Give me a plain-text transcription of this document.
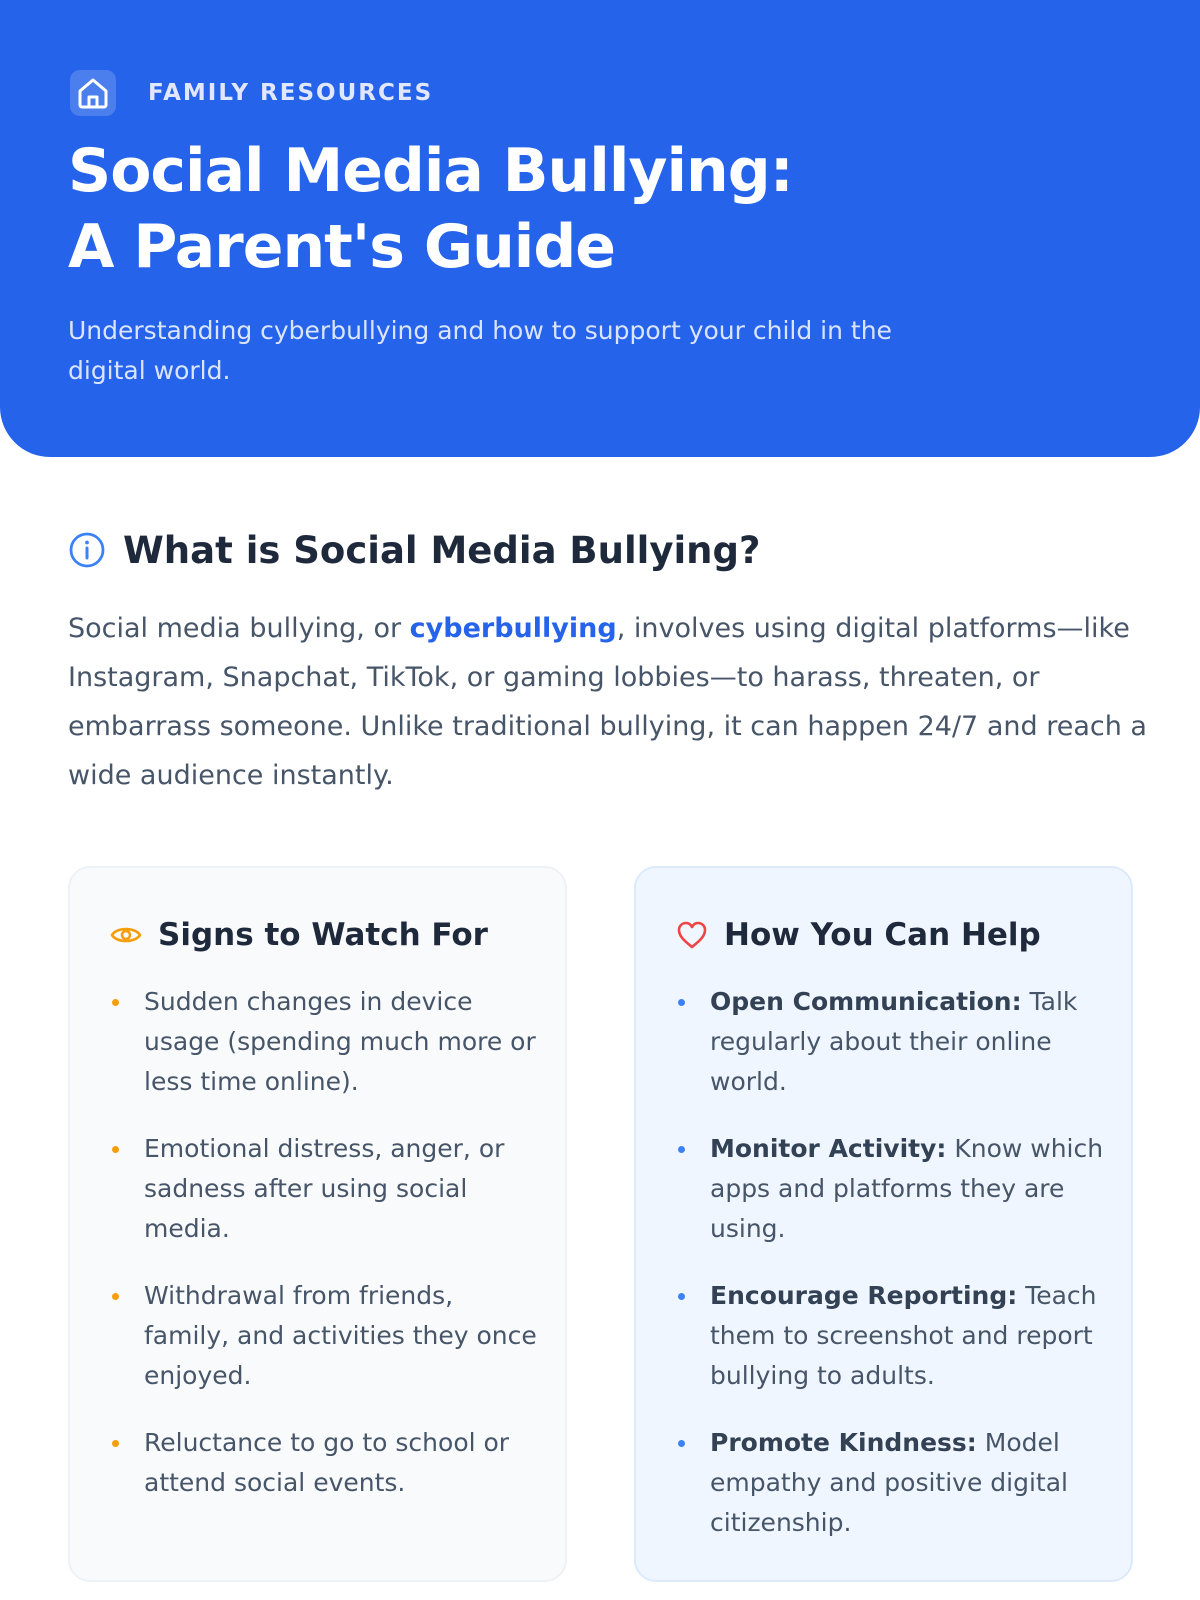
FAMILY RESOURCES
Social Media Bullying:
A Parent's Guide

Understanding cyberbullying and how to support your child in the digital world.

What is Social Media Bullying?

Social media bullying, or cyberbullying, involves using digital platforms—like Instagram, Snapchat, TikTok, or gaming lobbies—to harass, threaten, or embarrass someone. Unlike traditional bullying, it can happen 24/7 and reach a wide audience instantly.

Signs to Watch For
Sudden changes in device usage (spending much more or less time online).
Emotional distress, anger, or sadness after using social media.
Withdrawal from friends, family, and activities they once enjoyed.
Reluctance to go to school or attend social events.
How You Can Help
Open Communication: Talk regularly about their online world.
Monitor Activity: Know which apps and platforms they are using.
Encourage Reporting: Teach them to screenshot and report bullying to adults.
Promote Kindness: Model empathy and positive digital citizenship.
